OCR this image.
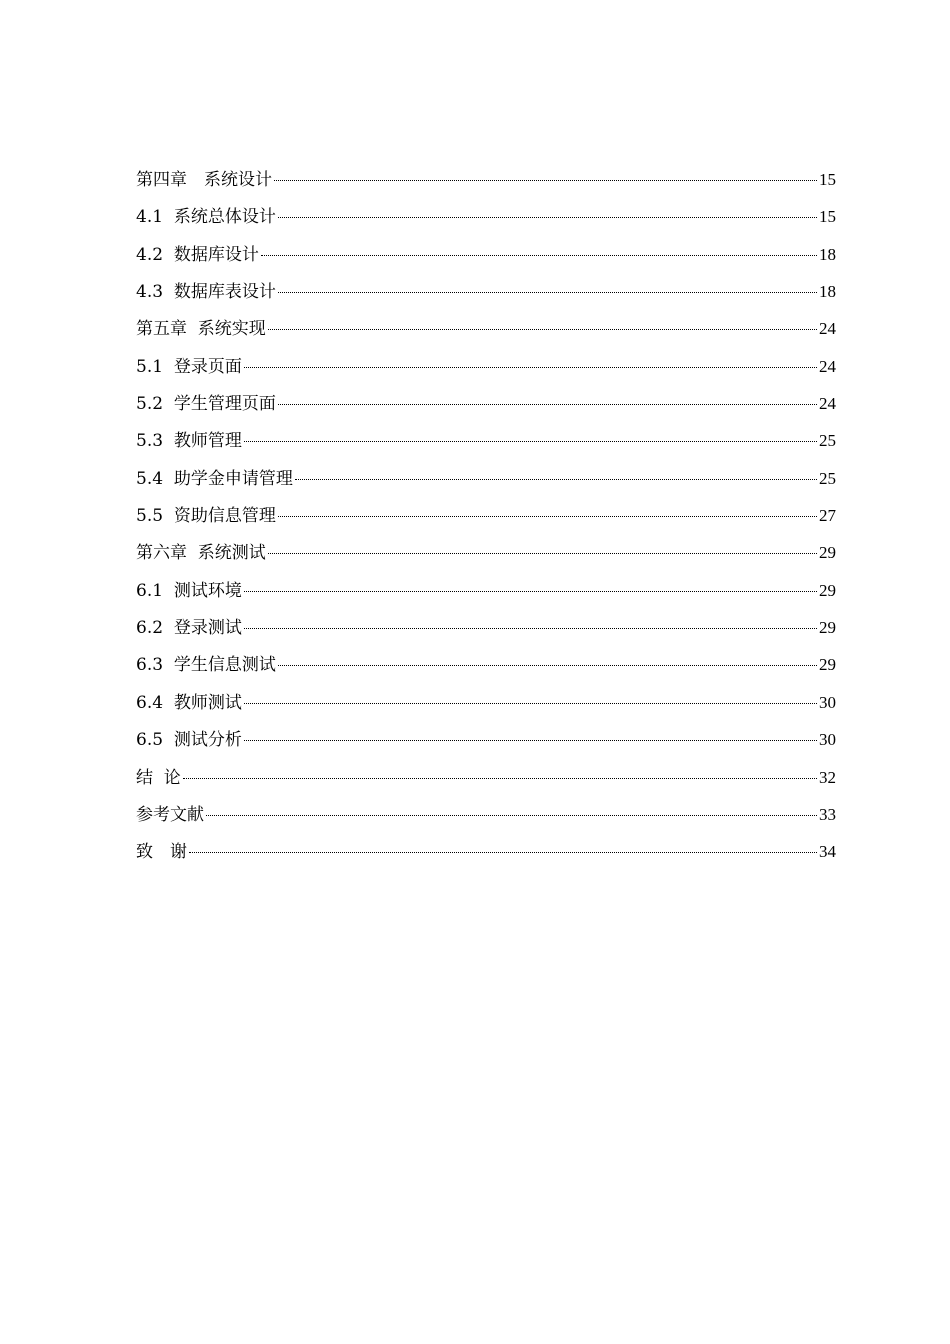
第四章　系统设计	15
4.1  系统总体设计	15
4.2  数据库设计	18
4.3  数据库表设计	18
第五章  系统实现	24
5.1  登录页面	24
5.2  学生管理页面	24
5.3  教师管理	25
5.4  助学金申请管理	25
5.5  资助信息管理	27
第六章  系统测试	29
6.1  测试环境	29
6.2  登录测试	29
6.3  学生信息测试	29
6.4  教师测试	30
6.5  测试分析	30
结  论	32
参考文献	33
致　谢	34
